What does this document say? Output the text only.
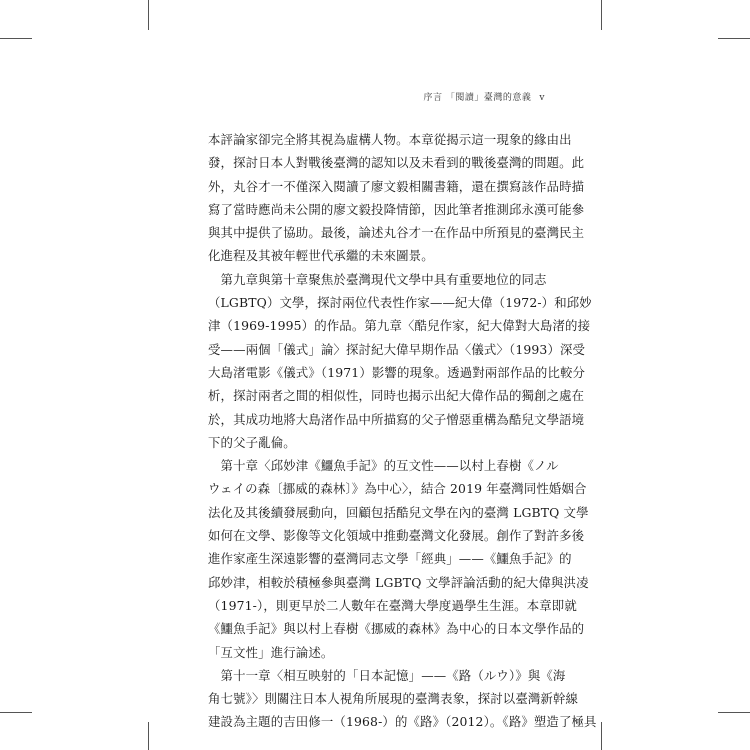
序言 「閱讀」臺灣的意義 v
本評論家卻完全將其視為虛構人物。本章從揭示這一現象的緣由出
發，探討日本人對戰後臺灣的認知以及未看到的戰後臺灣的問題。此
外，丸谷才一不僅深入閱讀了廖文毅相關書籍，還在撰寫該作品時描
寫了當時應尚未公開的廖文毅投降情節，因此筆者推測邱永漢可能參
與其中提供了協助。最後，論述丸谷才一在作品中所預見的臺灣民主
化進程及其被年輕世代承繼的未來圖景。
　第九章與第十章聚焦於臺灣現代文學中具有重要地位的同志
（LGBTQ）文學，探討兩位代表性作家——紀大偉（1972-）和邱妙
津（1969-1995）的作品。第九章〈酷兒作家，紀大偉對大島渚的接
受——兩個「儀式」論〉探討紀大偉早期作品〈儀式〉（1993）深受
大島渚電影《儀式》（1971）影響的現象。透過對兩部作品的比較分
析，探討兩者之間的相似性，同時也揭示出紀大偉作品的獨創之處在
於，其成功地將大島渚作品中所描寫的父子憎惡重構為酷兒文學語境
下的父子亂倫。
　第十章〈邱妙津《鱷魚手記》的互文性——以村上春樹《ノル
ウェイの森〔挪威的森林〕》為中心〉，結合 2019 年臺灣同性婚姻合
法化及其後續發展動向，回顧包括酷兒文學在內的臺灣 LGBTQ 文學
如何在文學、影像等文化領域中推動臺灣文化發展。創作了對許多後
進作家產生深遠影響的臺灣同志文學「經典」——《鱷魚手記》的
邱妙津，相較於積極參與臺灣 LGBTQ 文學評論活動的紀大偉與洪凌
（1971-），則更早於二人數年在臺灣大學度過學生生涯。本章即就
《鱷魚手記》與以村上春樹《挪威的森林》為中心的日本文學作品的
「互文性」進行論述。
　第十一章〈相互映射的「日本記憶」——《路（ルウ）》與《海
角七號》〉則關注日本人視角所展現的臺灣表象，探討以臺灣新幹線
建設為主題的吉田修一（1968-）的《路》（2012）。《路》塑造了極具
